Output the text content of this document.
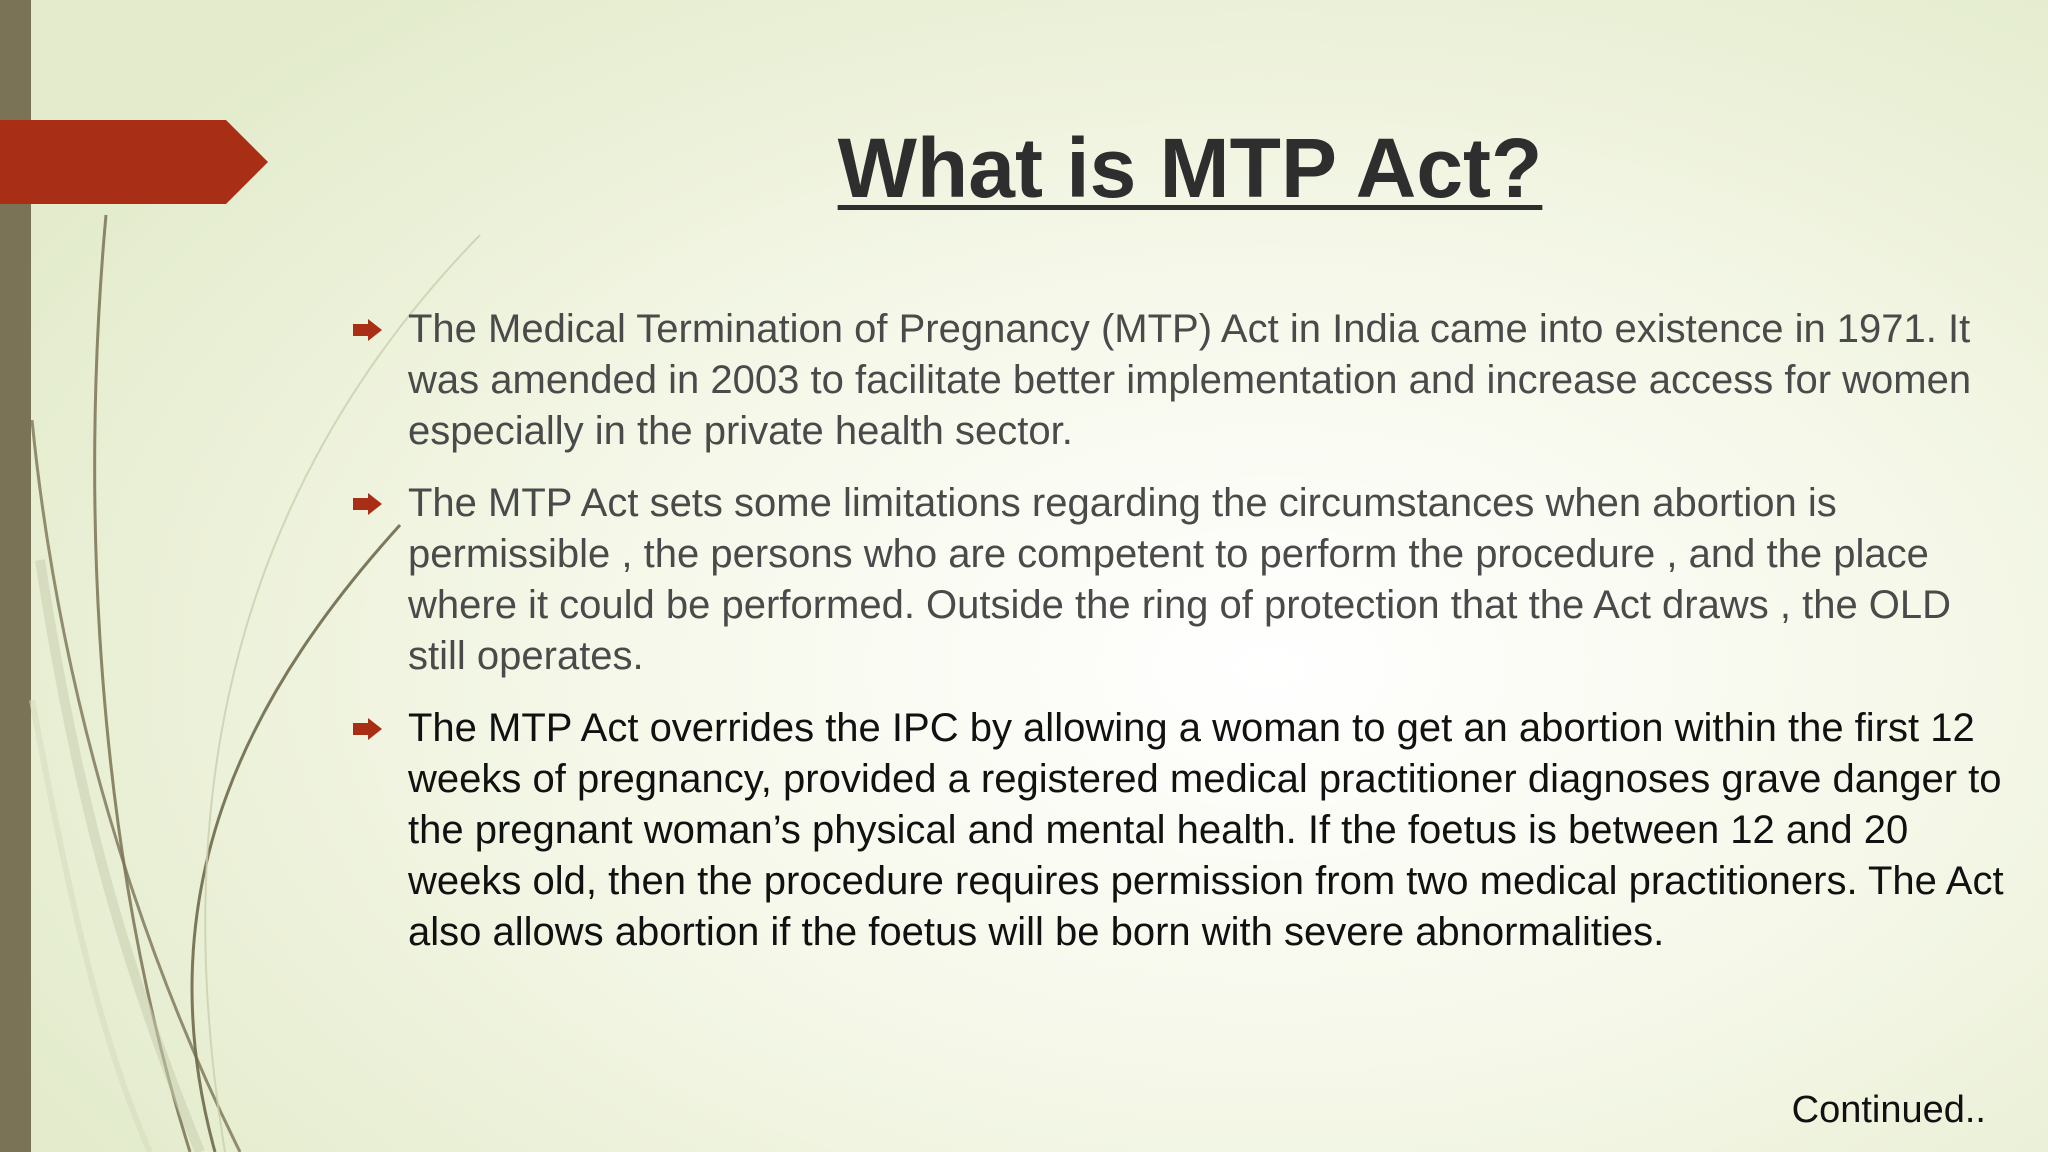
What is MTP Act?
The Medical Termination of Pregnancy (MTP) Act in India came into existence in 1971. It was amended in 2003 to facilitate better implementation and increase access for women especially in the private health sector.
The MTP Act sets some limitations regarding the circumstances when abortion is permissible , the persons who are competent to perform the procedure , and the place where it could be performed. Outside the ring of protection that the Act draws , the OLD still operates.
The MTP Act overrides the IPC by allowing a woman to get an abortion within the first 12 weeks of pregnancy, provided a registered medical practitioner diagnoses grave danger to the pregnant woman’s physical and mental health. If the foetus is between 12 and 20 weeks old, then the procedure requires permission from two medical practitioners. The Act also allows abortion if the foetus will be born with severe abnormalities.
Continued..
